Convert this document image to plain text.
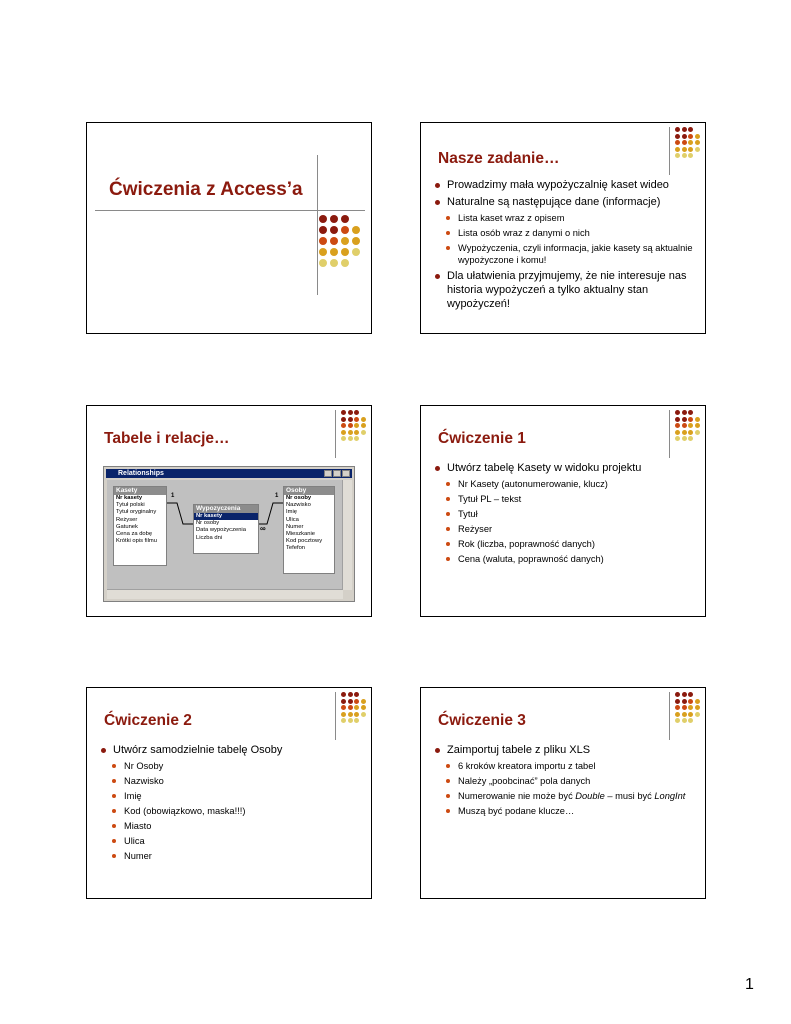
Ćwiczenia z Access’a
Nasze zadanie…
Prowadzimy mała wypożyczalnię kaset wideo
Naturalne są następujące dane (informacje)
Lista kaset wraz z opisem
Lista osób wraz z danymi o nich
Wypożyczenia, czyli informacja, jakie kasety są aktualnie wypożyczone i komu!
Dla ułatwienia przyjmujemy, że nie interesuje nas historia wypożyczeń a tylko aktualny stan wypożyczeń!
Tabele i relacje…
Relationships
Kasety
Nr kasety
Tytuł polski
Tytuł oryginalny
Reżyser
Gatunek
Cena za dobę
Krótki opis filmu
Wypozyczenia
Nr kasety
Nr osoby
Data wypożyczenia
Liczba dni
Osoby
Nr osoby
Nazwisko
Imię
Ulica
Numer
Mieszkanie
Kod pocztowy
Tefefon
1	1
∞
Ćwiczenie 1
Utwórz tabelę Kasety w widoku projektu
Nr Kasety (autonumerowanie, klucz)
Tytuł PL – tekst
Tytuł
Reżyser
Rok (liczba, poprawność danych)
Cena (waluta, poprawność danych)
Ćwiczenie 2
Utwórz samodzielnie tabelę Osoby
Nr Osoby
Nazwisko
Imię
Kod (obowiązkowo, maska!!!)
Miasto
Ulica
Numer
Ćwiczenie 3
Zaimportuj tabele z pliku XLS
6 kroków kreatora importu z tabel
Należy „poobcinać” pola danych
Numerowanie nie może być Double – musi być LongInt
Muszą być podane klucze…
1
